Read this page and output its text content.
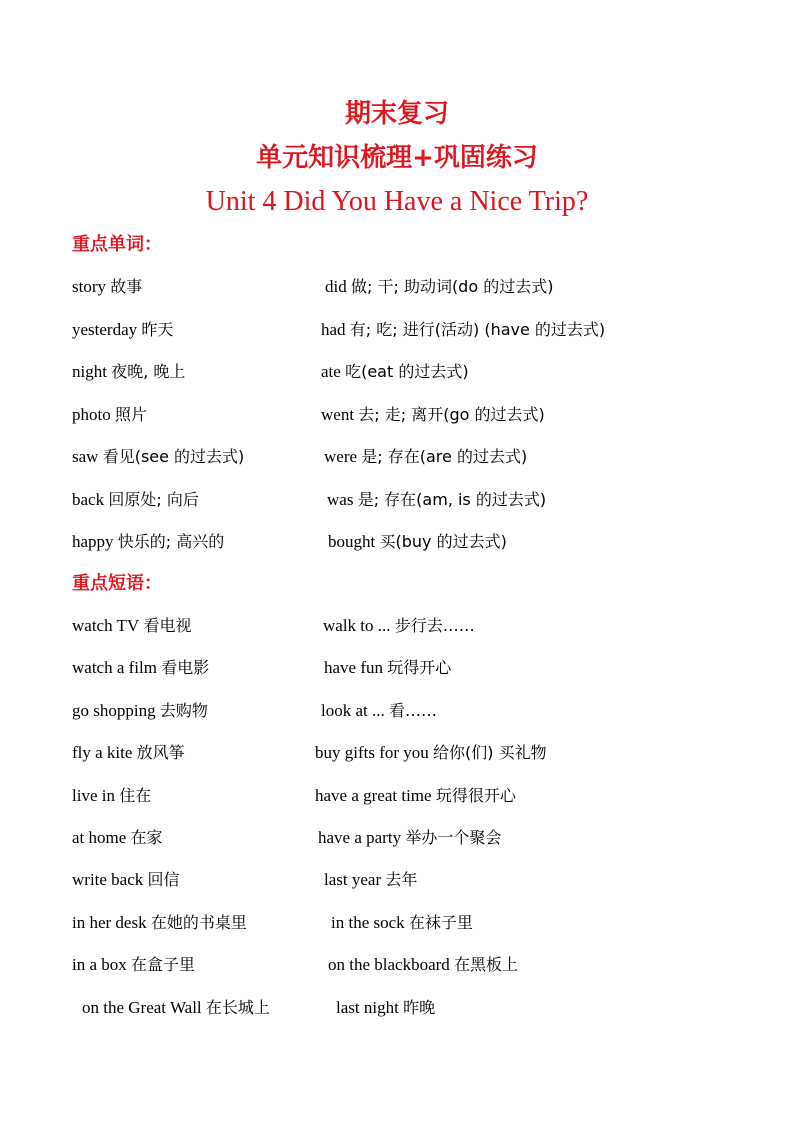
期末复习
单元知识梳理+巩固练习
Unit 4 Did You Have a Nice Trip?
重点单词：
story 故事
yesterday 昨天
night 夜晚, 晚上
photo 照片
saw 看见(see 的过去式)
back 回原处; 向后
happy 快乐的; 高兴的
did 做; 干; 助动词(do 的过去式)
had 有; 吃; 进行(活动) (have 的过去式)
ate 吃(eat 的过去式)
went 去; 走; 离开(go 的过去式)
were 是; 存在(are 的过去式)
was 是; 存在(am, is 的过去式)
bought 买(buy 的过去式)
重点短语：
watch TV 看电视
watch a film 看电影
go shopping 去购物
fly a kite 放风筝
live in 住在
at home 在家
write back 回信
in her desk 在她的书桌里
in a box 在盒子里
on the Great Wall 在长城上
walk to ... 步行去……
have fun 玩得开心
look at ... 看……
buy gifts for you 给你(们) 买礼物
have a great time 玩得很开心
have a party 举办一个聚会
last year 去年
in the sock 在袜子里
on the blackboard 在黑板上
last night 昨晚
